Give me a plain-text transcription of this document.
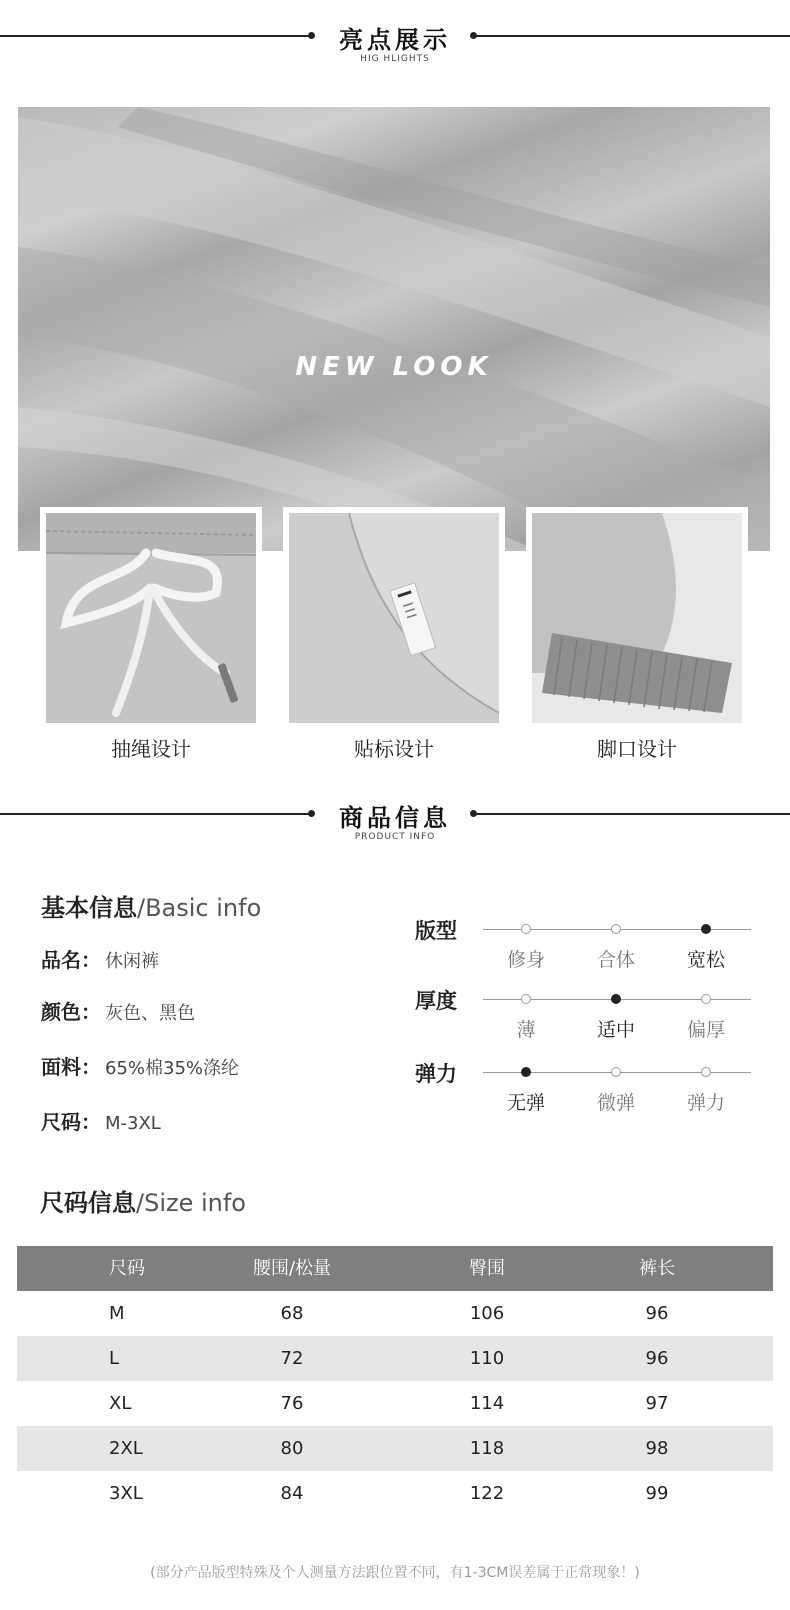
亮点展示
HIG HLIGHTS
NEW LOOK
抽绳设计	贴标设计	脚口设计
商品信息
PRODUCT INFO
基本信息/Basic info
品名： 休闲裤
颜色： 灰色、黑色
面料： 65%棉35%涤纶
尺码： M-3XL
版型
修身	合体	宽松
厚度
薄	适中	偏厚
弹力
无弹	微弹	弹力
尺码信息/Size info
尺码	腰围/松量	臀围	裤长
M	68	106	96
L	72	110	96
XL	76	114	97
2XL	80	118	98
3XL	84	122	99
(部分产品版型特殊及个人测量方法跟位置不同，有1-3CM误差属于正常现象！)
